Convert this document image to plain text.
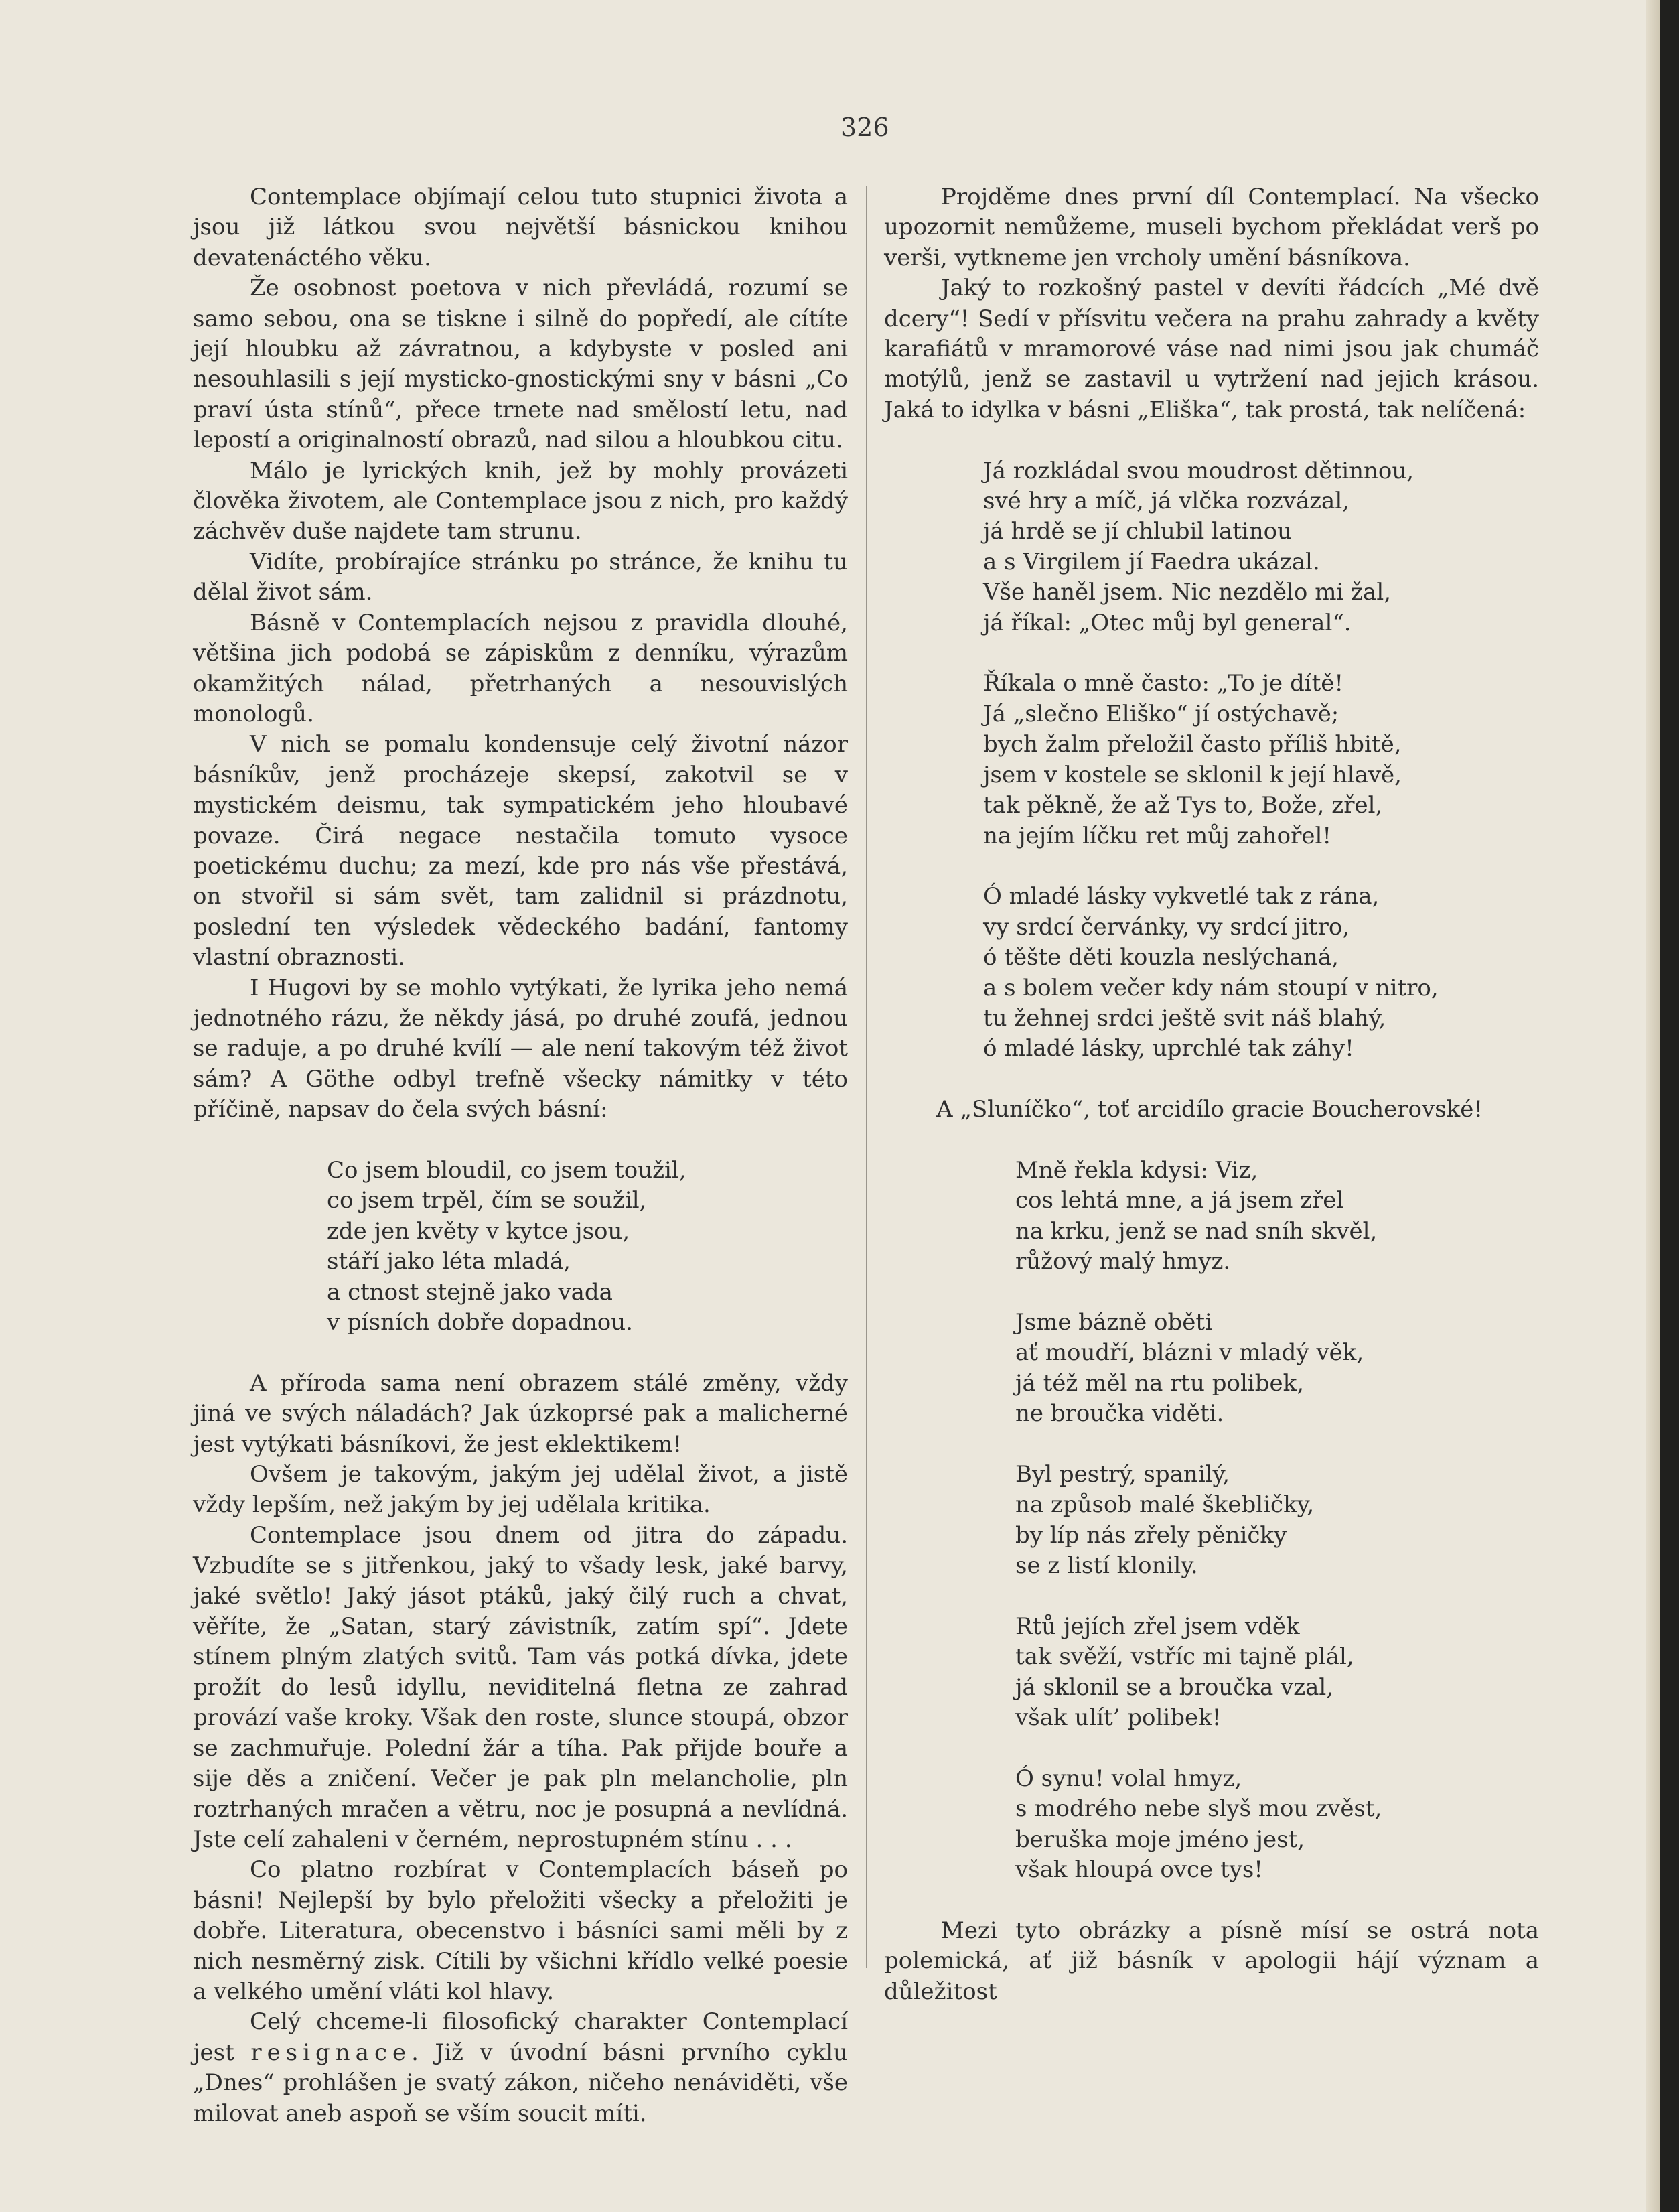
326

Contemplace objímají celou tuto stupnici života a jsou již látkou svou největší básnickou knihou devatenáctého věku.

Že osobnost poetova v nich převládá, rozumí se samo sebou, ona se tiskne i silně do popředí, ale cítíte její hloubku až závratnou, a kdybyste v posled ani nesouhlasili s její mysticko-gnostickými sny v básni „Co praví ústa stínů“, přece trnete nad smělostí letu, nad lepostí a originalností obrazů, nad silou a hloubkou citu.

Málo je lyrických knih, jež by mohly provázeti člověka životem, ale Contemplace jsou z nich, pro každý záchvěv duše najdete tam strunu.

Vidíte, probírajíce stránku po stránce, že knihu tu dělal život sám.

Básně v Contemplacích nejsou z pravidla dlouhé, většina jich podobá se zápiskům z denníku, výrazům okamžitých nálad, přetrhaných a nesouvislých monologů.

V nich se pomalu kondensuje celý životní názor básníkův, jenž procházeje skepsí, zakotvil se v mystickém deismu, tak sympatickém jeho hloubavé povaze. Čirá negace nestačila tomuto vysoce poetickému duchu; za mezí, kde pro nás vše přestává, on stvořil si sám svět, tam zalidnil si prázdnotu, poslední ten výsledek vědeckého badání, fantomy vlastní obraznosti.

I Hugovi by se mohlo vytýkati, že lyrika jeho nemá jednotného rázu, že někdy jásá, po druhé zoufá, jednou se raduje, a po druhé kvílí — ale není takovým též život sám? A Göthe odbyl trefně všecky námitky v této příčině, napsav do čela svých básní:

Co jsem bloudil, co jsem toužil,
co jsem trpěl, čím se soužil,
zde jen květy v kytce jsou,
stáří jako léta mladá,
a ctnost stejně jako vada
v písních dobře dopadnou.

A příroda sama není obrazem stálé změny, vždy jiná ve svých náladách? Jak úzkoprsé pak a malicherné jest vytýkati básníkovi, že jest eklektikem!

Ovšem je takovým, jakým jej udělal život, a jistě vždy lepším, než jakým by jej udělala kritika.

Contemplace jsou dnem od jitra do západu. Vzbudíte se s jitřenkou, jaký to všady lesk, jaké barvy, jaké světlo! Jaký jásot ptáků, jaký čilý ruch a chvat, věříte, že „Satan, starý závistník, zatím spí“. Jdete stínem plným zlatých svitů. Tam vás potká dívka, jdete prožít do lesů idyllu, neviditelná fletna ze zahrad provází vaše kroky. Však den roste, slunce stoupá, obzor se zachmuřuje. Polední žár a tíha. Pak přijde bouře a sije děs a zničení. Večer je pak pln melancholie, pln roztrhaných mračen a větru, noc je posupná a nevlídná. Jste celí zahaleni v černém, neprostupném stínu . . .

Co platno rozbírat v Contemplacích báseň po básni! Nejlepší by bylo přeložiti všecky a přeložiti je dobře. Literatura, obecenstvo i básníci sami měli by z nich nesměrný zisk. Cítili by všichni křídlo velké poesie a velkého umění vláti kol hlavy.

Celý chceme-li filosofický charakter Contemplací jest resignace. Již v úvodní básni prvního cyklu „Dnes“ prohlášen je svatý zákon, ničeho nenáviděti, vše milovat aneb aspoň se vším soucit míti.

Projděme dnes první díl Contemplací. Na všecko upozornit nemůžeme, museli bychom překládat verš po verši, vytkneme jen vrcholy umění básníkova.

Jaký to rozkošný pastel v devíti řádcích „Mé dvě dcery“! Sedí v přísvitu večera na prahu zahrady a květy karafiátů v mramorové váse nad nimi jsou jak chumáč motýlů, jenž se zastavil u vytržení nad jejich krásou. Jaká to idylka v básni „Eliška“, tak prostá, tak nelíčená:

Já rozkládal svou moudrost dětinnou,
své hry a míč, já vlčka rozvázal,
já hrdě se jí chlubil latinou
a s Virgilem jí Faedra ukázal.
Vše haněl jsem. Nic nezdělo mi žal,
já říkal: „Otec můj byl general“.
Říkala o mně často: „To je dítě!
Já „slečno Eliško“ jí ostýchavě;
bych žalm přeložil často příliš hbitě,
jsem v kostele se sklonil k její hlavě,
tak pěkně, že až Tys to, Bože, zřel,
na jejím líčku ret můj zahořel!
Ó mladé lásky vykvetlé tak z rána,
vy srdcí červánky, vy srdcí jitro,
ó těšte děti kouzla neslýchaná,
a s bolem večer kdy nám stoupí v nitro,
tu žehnej srdci ještě svit náš blahý,
ó mladé lásky, uprchlé tak záhy!
A „Sluníčko“, toť arcidílo gracie Boucherovské!
Mně řekla kdysi: Viz,
cos lehtá mne, a já jsem zřel
na krku, jenž se nad sníh skvěl,
růžový malý hmyz.
Jsme bázně oběti
ať moudří, blázni v mladý věk,
já též měl na rtu polibek,
ne broučka viděti.
Byl pestrý, spanilý,
na způsob malé škebličky,
by líp nás zřely pěničky
se z listí klonily.
Rtů jejích zřel jsem vděk
tak svěží, vstříc mi tajně plál,
já sklonil se a broučka vzal,
však ulít’ polibek!
Ó synu! volal hmyz,
s modrého nebe slyš mou zvěst,
beruška moje jméno jest,
však hloupá ovce tys!

Mezi tyto obrázky a písně mísí se ostrá nota polemická, ať již básník v apologii hájí význam a důležitost
